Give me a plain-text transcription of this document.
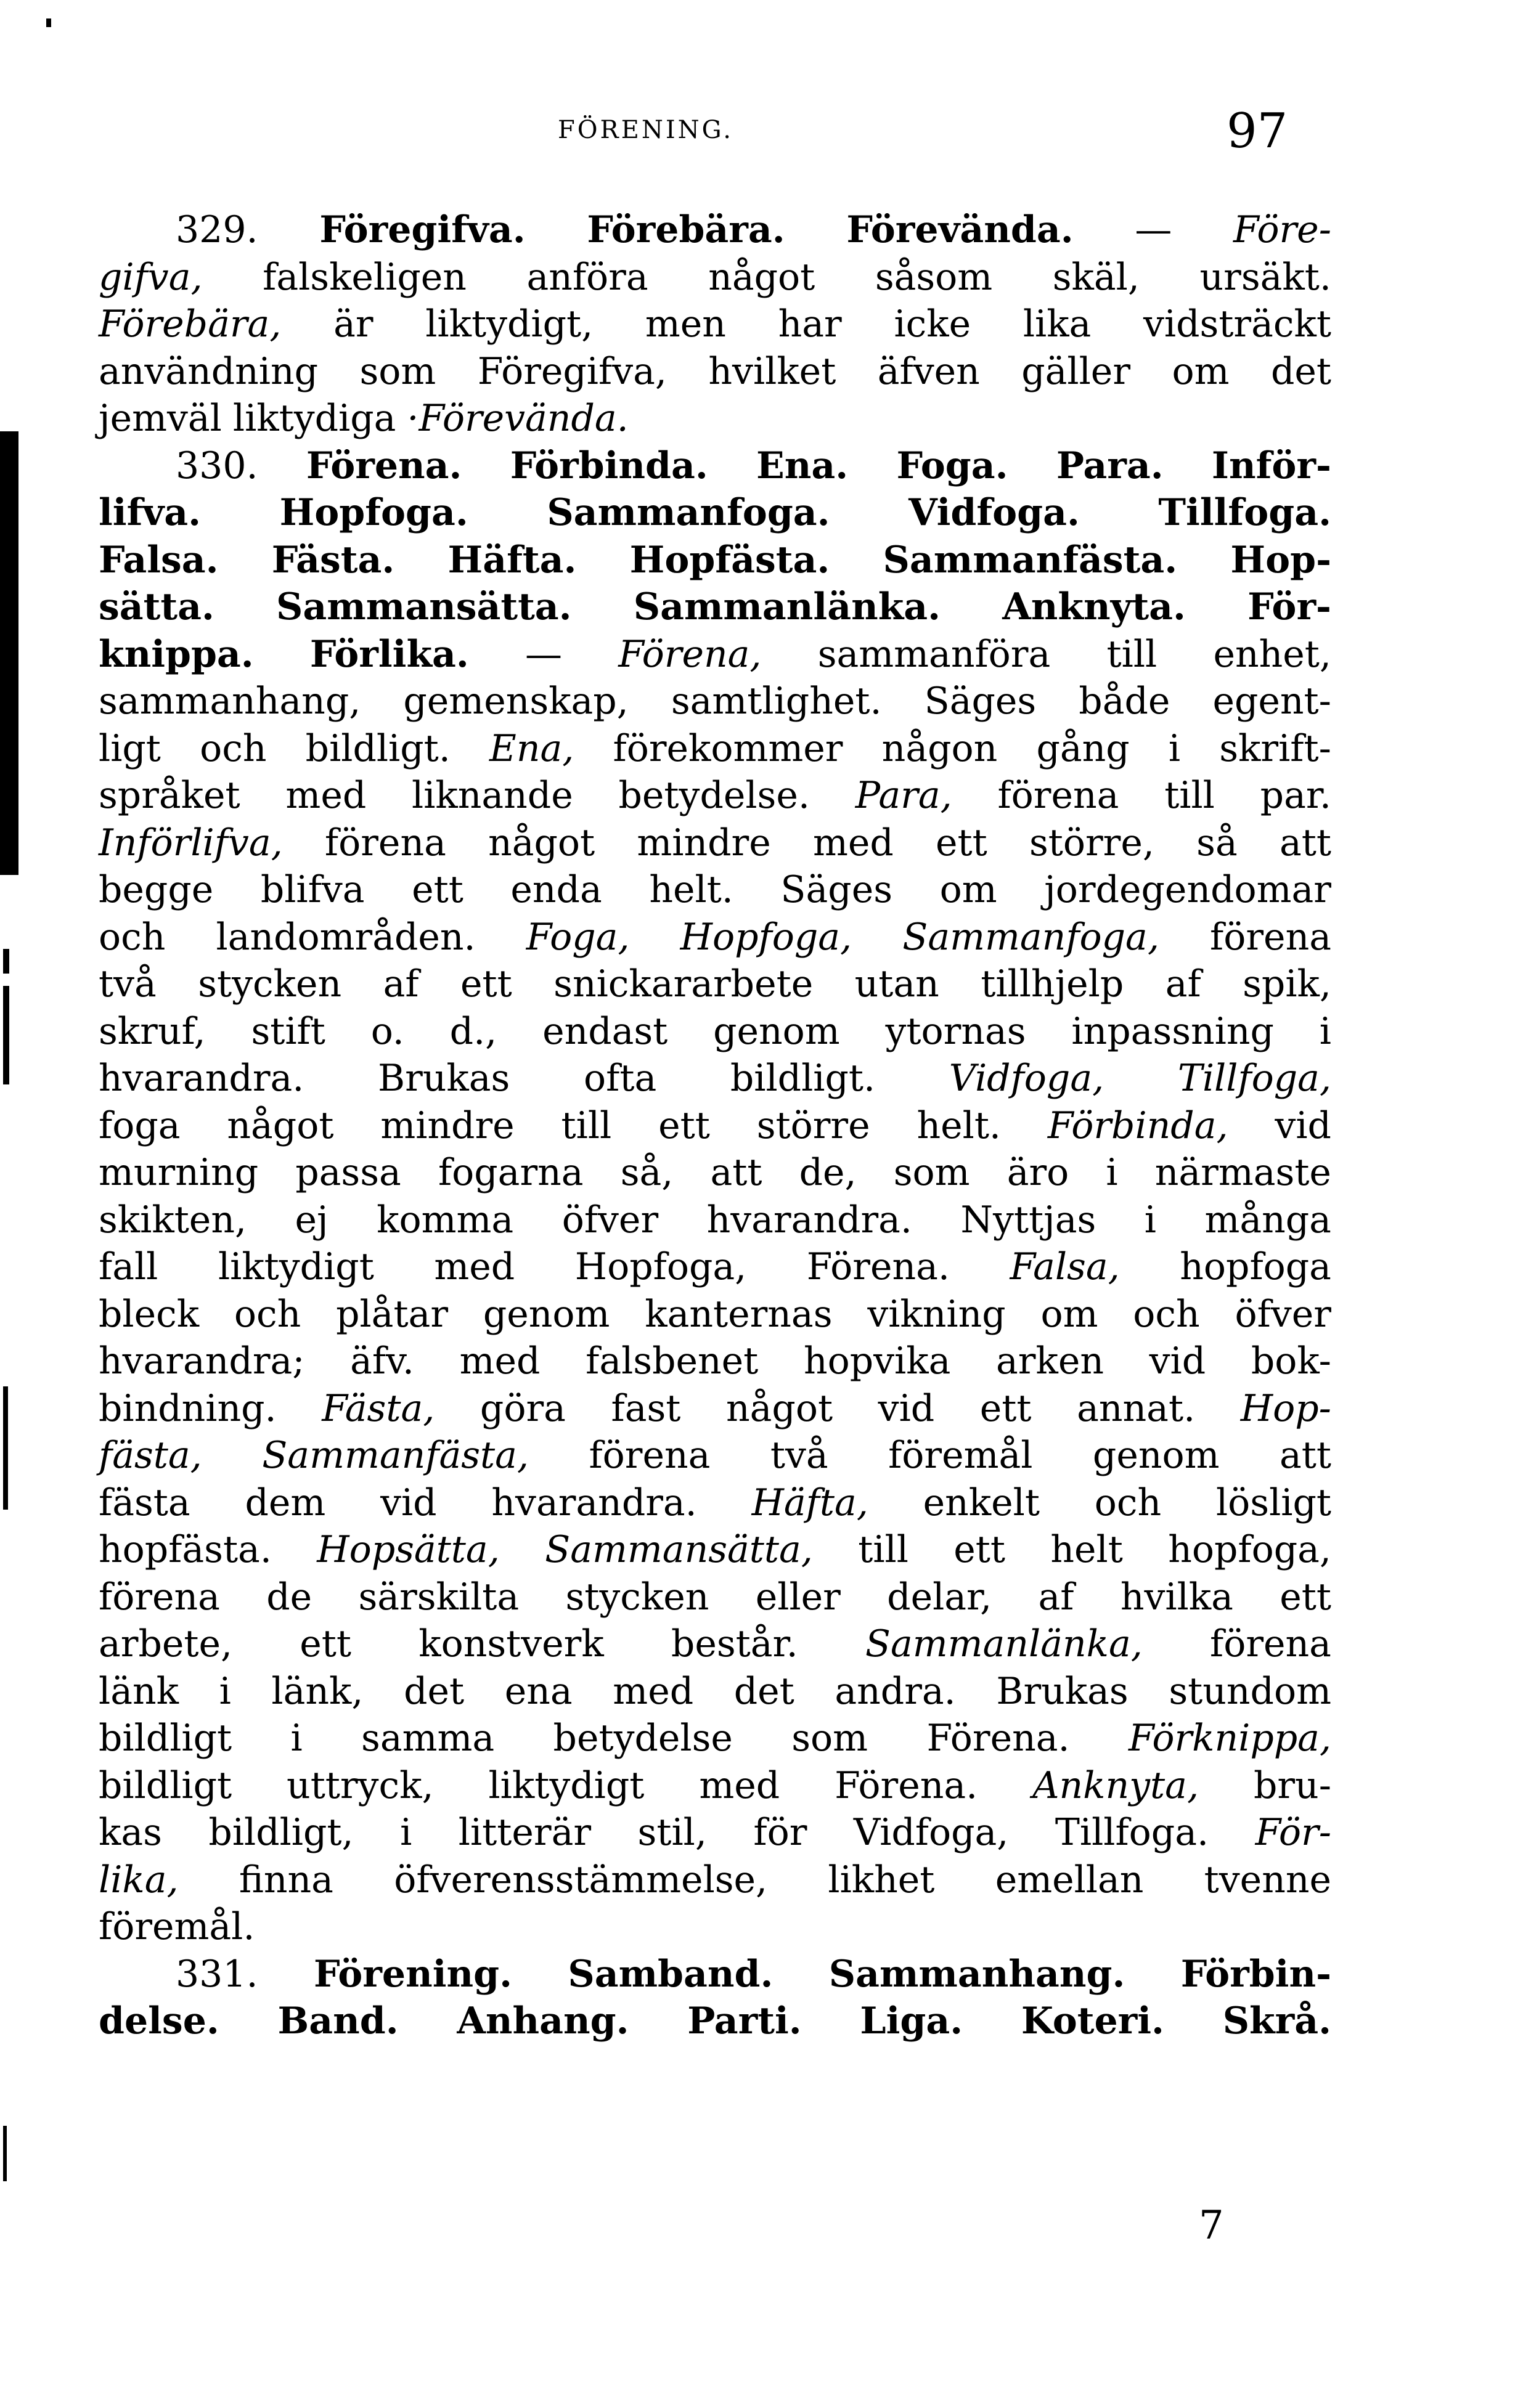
FÖRENING.	97
329. Föregifva. Förebära. Förevända. — Före-
gifva, falskeligen anföra något såsom skäl, ursäkt.
Förebära, är liktydigt, men har icke lika vidsträckt
användning som Föregifva, hvilket äfven gäller om det
jemväl liktydiga ·Förevända.
330. Förena. Förbinda. Ena. Foga. Para. Inför-
lifva. Hopfoga. Sammanfoga. Vidfoga. Tillfoga.
Falsa. Fästa. Häfta. Hopfästa. Sammanfästa. Hop-
sätta. Sammansätta. Sammanlänka. Anknyta. För-
knippa. Förlika. — Förena, sammanföra till enhet,
sammanhang, gemenskap, samtlighet. Säges både egent-
ligt och bildligt. Ena, förekommer någon gång i skrift-
språket med liknande betydelse. Para, förena till par.
Införlifva, förena något mindre med ett större, så att
begge blifva ett enda helt. Säges om jordegendomar
och landområden. Foga, Hopfoga, Sammanfoga, förena
två stycken af ett snickararbete utan tillhjelp af spik,
skruf, stift o. d., endast genom ytornas inpassning i
hvarandra. Brukas ofta bildligt. Vidfoga, Tillfoga,
foga något mindre till ett större helt. Förbinda, vid
murning passa fogarna så, att de, som äro i närmaste
skikten, ej komma öfver hvarandra. Nyttjas i många
fall liktydigt med Hopfoga, Förena. Falsa, hopfoga
bleck och plåtar genom kanternas vikning om och öfver
hvarandra; äfv. med falsbenet hopvika arken vid bok-
bindning. Fästa, göra fast något vid ett annat. Hop-
fästa, Sammanfästa, förena två föremål genom att
fästa dem vid hvarandra. Häfta, enkelt och lösligt
hopfästa. Hopsätta, Sammansätta, till ett helt hopfoga,
förena de särskilta stycken eller delar, af hvilka ett
arbete, ett konstverk består. Sammanlänka, förena
länk i länk, det ena med det andra. Brukas stundom
bildligt i samma betydelse som Förena. Förknippa,
bildligt uttryck, liktydigt med Förena. Anknyta, bru-
kas bildligt, i litterär stil, för Vidfoga, Tillfoga. För-
lika, finna öfverensstämmelse, likhet emellan tvenne
föremål.
331. Förening. Samband. Sammanhang. Förbin-
delse. Band. Anhang. Parti. Liga. Koteri. Skrå.
7
